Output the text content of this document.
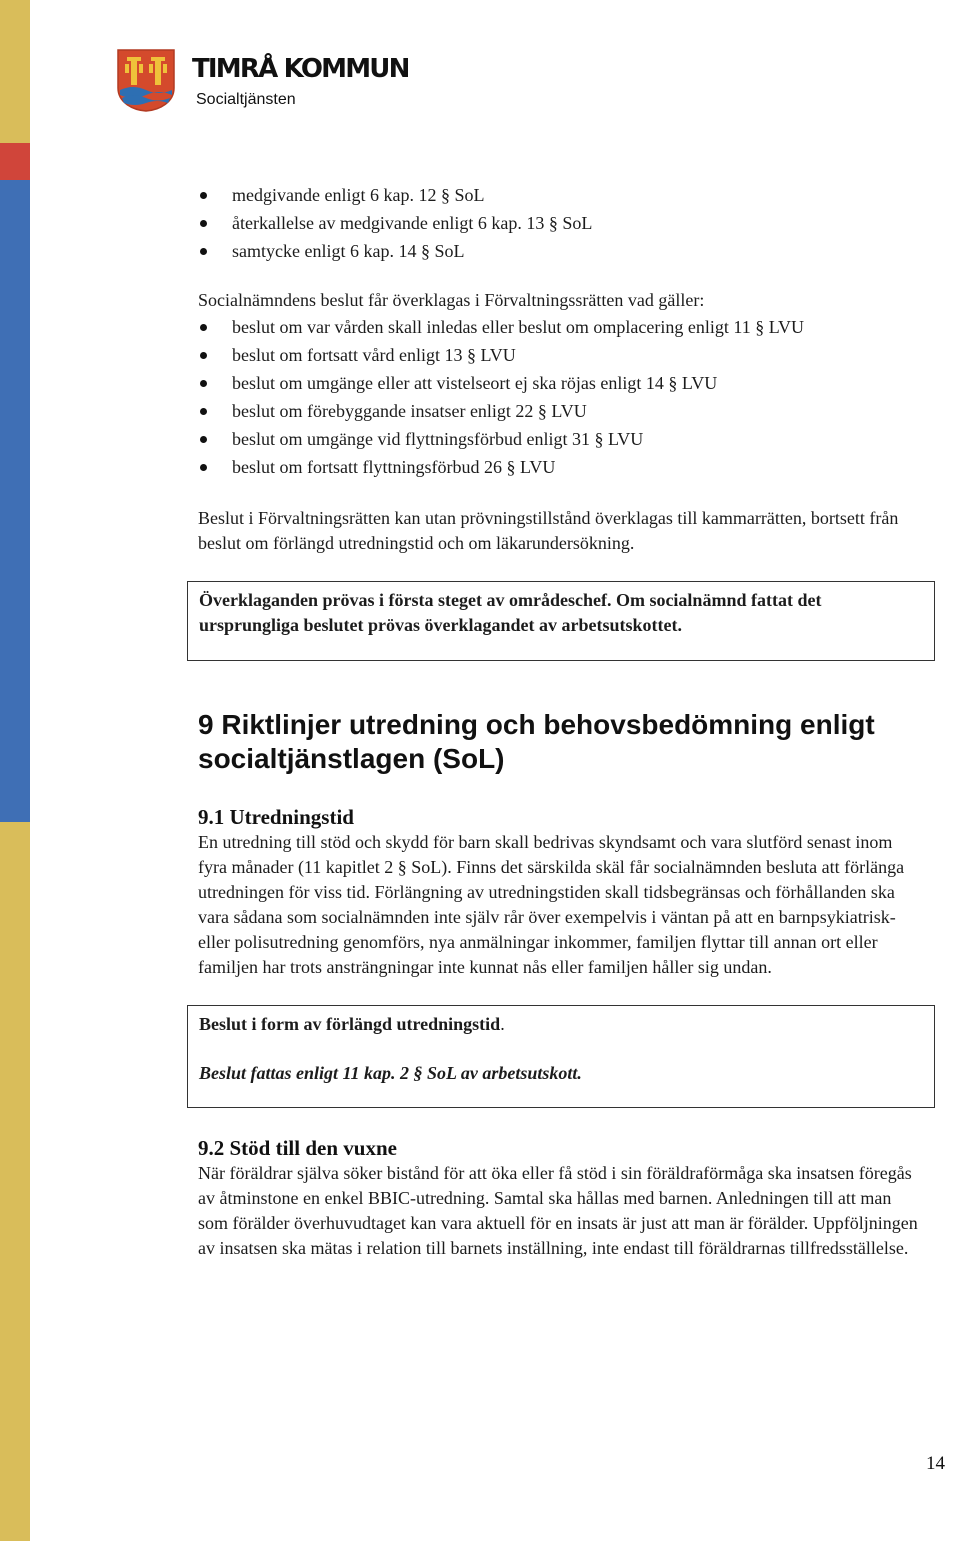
TIMRÅ KOMMUN
Socialtjänsten
medgivande enligt 6 kap. 12 § SoL
återkallelse av medgivande enligt 6 kap. 13 § SoL
samtycke enligt 6 kap. 14 § SoL

Socialnämndens beslut får överklagas i Förvaltningssrätten vad gäller:

beslut om var vården skall inledas eller beslut om omplacering enligt 11 § LVU
beslut om fortsatt vård enligt 13 § LVU
beslut om umgänge eller att vistelseort ej ska röjas enligt 14 § LVU
beslut om förebyggande insatser enligt 22 § LVU
beslut om umgänge vid flyttningsförbud enligt 31 § LVU
beslut om fortsatt flyttningsförbud 26 § LVU

Beslut i Förvaltningsrätten kan utan prövningstillstånd överklagas till kammarrätten, bortsett från beslut om förlängd utredningstid och om läkarundersökning.

Överklaganden prövas i första steget av områdeschef. Om socialnämnd fattat det ursprungliga beslutet prövas överklagandet av arbetsutskottet.
9 Riktlinjer utredning och behovsbedömning enligt socialtjänstlagen (SoL)
9.1 Utredningstid

En utredning till stöd och skydd för barn skall bedrivas skyndsamt och vara slutförd senast inom fyra månader (11 kapitlet 2 § SoL). Finns det särskilda skäl får socialnämnden besluta att förlänga utredningen för viss tid. Förlängning av utredningstiden skall tidsbegränsas och förhållanden ska vara sådana som socialnämnden inte själv rår över exempelvis i väntan på att en barnpsykiatrisk- eller polisutredning genomförs, nya anmälningar inkommer, familjen flyttar till annan ort eller familjen har trots ansträngningar inte kunnat nås eller familjen håller sig undan.

Beslut i form av förlängd utredningstid.
Beslut fattas enligt 11 kap. 2 § SoL av arbetsutskott.
9.2 Stöd till den vuxne

När föräldrar själva söker bistånd för att öka eller få stöd i sin föräldraförmåga ska insatsen föregås av åtminstone en enkel BBIC-utredning. Samtal ska hållas med barnen. Anledningen till att man som förälder överhuvudtaget kan vara aktuell för en insats är just att man är förälder. Uppföljningen av insatsen ska mätas i relation till barnets inställning, inte endast till föräldrarnas tillfredsställelse.

14
